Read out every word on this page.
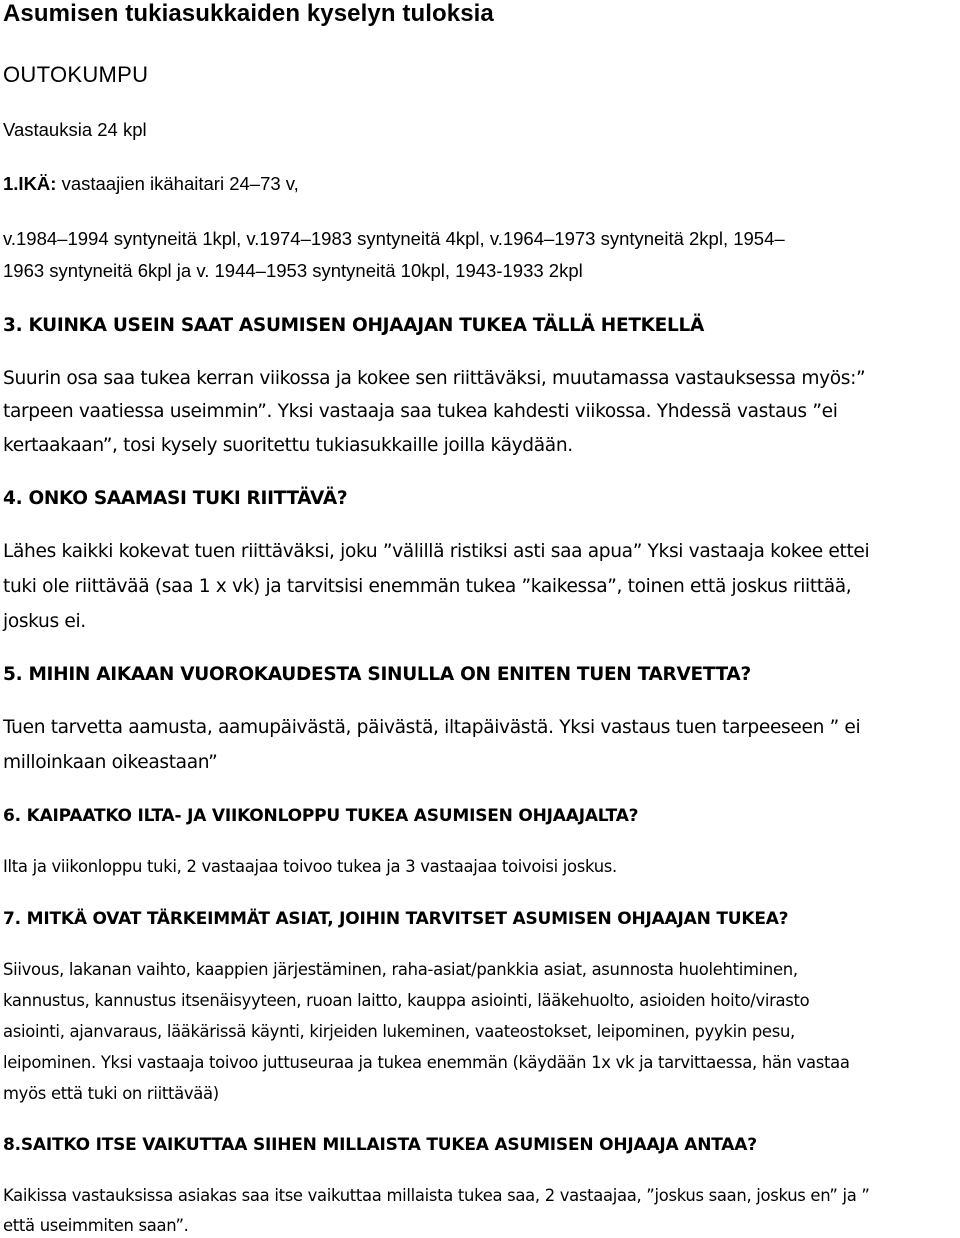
Asumisen tukiasukkaiden kyselyn tuloksia
OUTOKUMPU

Vastauksia 24 kpl

1.IKÄ: vastaajien ikähaitari 24–73 v,

v.1984–1994 syntyneitä 1kpl, v.1974–1983 syntyneitä 4kpl, v.1964–1973 syntyneitä 2kpl, 1954–

1963 syntyneitä 6kpl ja v. 1944–1953 syntyneitä 10kpl, 1943-1933 2kpl

3. KUINKA USEIN SAAT ASUMISEN OHJAAJAN TUKEA TÄLLÄ HETKELLÄ

Suurin osa saa tukea kerran viikossa ja kokee sen riittäväksi, muutamassa vastauksessa myös:”

tarpeen vaatiessa useimmin”. Yksi vastaaja saa tukea kahdesti viikossa. Yhdessä vastaus ”ei

kertaakaan”, tosi kysely suoritettu tukiasukkaille joilla käydään.

4. ONKO SAAMASI TUKI RIITTÄVÄ?

Lähes kaikki kokevat tuen riittäväksi, joku ”välillä ristiksi asti saa apua” Yksi vastaaja kokee ettei

tuki ole riittävää (saa 1 x vk) ja tarvitsisi enemmän tukea ”kaikessa”, toinen että joskus riittää,

joskus ei.

5. MIHIN AIKAAN VUOROKAUDESTA SINULLA ON ENITEN TUEN TARVETTA?

Tuen tarvetta aamusta, aamupäivästä, päivästä, iltapäivästä. Yksi vastaus tuen tarpeeseen ” ei

milloinkaan oikeastaan”

6. KAIPAATKO ILTA- JA VIIKONLOPPU TUKEA ASUMISEN OHJAAJALTA?

Ilta ja viikonloppu tuki, 2 vastaajaa toivoo tukea ja 3 vastaajaa toivoisi joskus.

7. MITKÄ OVAT TÄRKEIMMÄT ASIAT, JOIHIN TARVITSET ASUMISEN OHJAAJAN TUKEA?

Siivous, lakanan vaihto, kaappien järjestäminen, raha-asiat/pankkia asiat, asunnosta huolehtiminen,

kannustus, kannustus itsenäisyyteen, ruoan laitto, kauppa asiointi, lääkehuolto, asioiden hoito/virasto

asiointi, ajanvaraus, lääkärissä käynti, kirjeiden lukeminen, vaateostokset, leipominen, pyykin pesu,

leipominen. Yksi vastaaja toivoo juttuseuraa ja tukea enemmän (käydään 1x vk ja tarvittaessa, hän vastaa

myös että tuki on riittävää)

8.SAITKO ITSE VAIKUTTAA SIIHEN MILLAISTA TUKEA ASUMISEN OHJAAJA ANTAA?

Kaikissa vastauksissa asiakas saa itse vaikuttaa millaista tukea saa, 2 vastaajaa, ”joskus saan, joskus en” ja ”

että useimmiten saan”.
